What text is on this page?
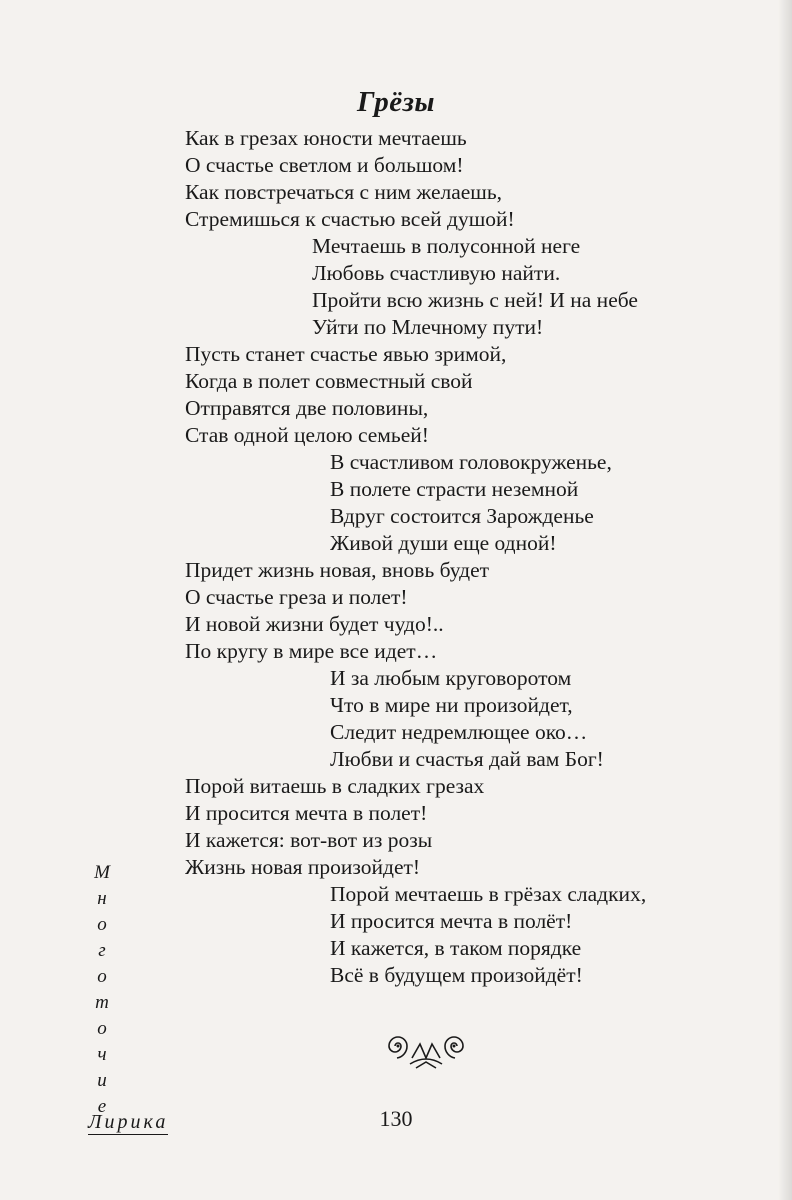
Грёзы
Как в грезах юности мечтаешь
О счастье светлом и большом!
Как повстречаться с ним желаешь,
Стремишься к счастью всей душой!
Мечтаешь в полусонной неге
Любовь счастливую найти.
Пройти всю жизнь с ней! И на небе
Уйти по Млечному пути!
Пусть станет счастье явью зримой,
Когда в полет совместный свой
Отправятся две половины,
Став одной целою семьей!
В счастливом головокруженье,
В полете страсти неземной
Вдруг состоится Зарожденье
Живой души еще одной!
Придет жизнь новая, вновь будет
О счастье греза и полет!
И новой жизни будет чудо!..
По кругу в мире все идет…
И за любым круговоротом
Что в мире ни произойдет,
Следит недремлющее око…
Любви и счастья дай вам Бог!
Порой витаешь в сладких грезах
И просится мечта в полет!
И кажется: вот-вот из розы
Жизнь новая произойдет!
Порой мечтаешь в грёзах сладких,
И просится мечта в полёт!
И кажется, в таком порядке
Всё в будущем произойдёт!
М
н
о
г
о
т
о
ч
и
е
Лирика	130
